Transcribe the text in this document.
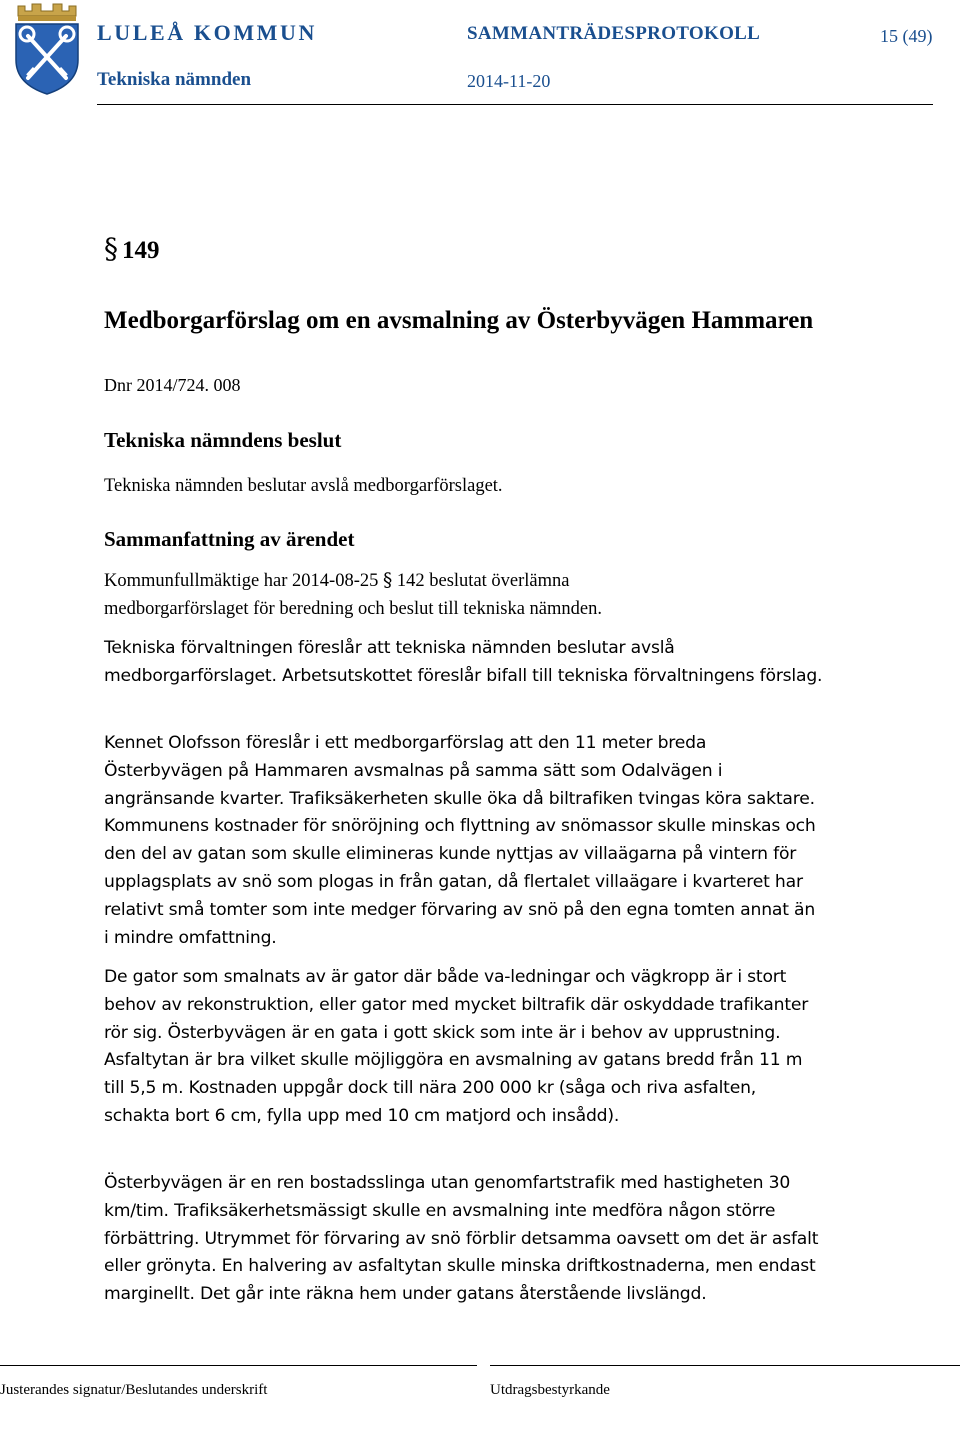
LULEÅ KOMMUN	SAMMANTRÄDESPROTOKOLL	15 (49)
Tekniska nämnden	2014-11-20
§ 149
Medborgarförslag om en avsmalning av Österbyvägen Hammaren
Dnr 2014/724. 008
Tekniska nämndens beslut
Tekniska nämnden beslutar avslå medborgarförslaget.
Sammanfattning av ärendet
Kommunfullmäktige har 2014-08-25 § 142 beslutat överlämna
medborgarförslaget för beredning och beslut till tekniska nämnden.

Tekniska förvaltningen föreslår att tekniska nämnden beslutar avslå medborgarförslaget. Arbetsutskottet föreslår bifall till tekniska förvaltningens förslag.

Kennet Olofsson föreslår i ett medborgarförslag att den 11 meter breda Österbyvägen på Hammaren avsmalnas på samma sätt som Odalvägen i angränsande kvarter. Trafiksäkerheten skulle öka då biltrafiken tvingas köra saktare. Kommunens kostnader för snöröjning och flyttning av snömassor skulle minskas och den del av gatan som skulle elimineras kunde nyttjas av villaägarna på vintern för upplagsplats av snö som plogas in från gatan, då flertalet villaägare i kvarteret har relativt små tomter som inte medger förvaring av snö på den egna tomten annat än i mindre omfattning.

De gator som smalnats av är gator där både va-ledningar och vägkropp är i stort behov av rekonstruktion, eller gator med mycket biltrafik där oskyddade trafikanter rör sig. Österbyvägen är en gata i gott skick som inte är i behov av upprustning. Asfaltytan är bra vilket skulle möjliggöra en avsmalning av gatans bredd från 11 m till 5,5 m. Kostnaden uppgår dock till nära 200 000 kr (såga och riva asfalten, schakta bort 6 cm, fylla upp med 10 cm matjord och insådd).

Österbyvägen är en ren bostadsslinga utan genomfartstrafik med hastigheten 30 km/tim. Trafiksäkerhetsmässigt skulle en avsmalning inte medföra någon större förbättring. Utrymmet för förvaring av snö förblir detsamma oavsett om det är asfalt eller grönyta. En halvering av asfaltytan skulle minska driftkostnaderna, men endast marginellt. Det går inte räkna hem under gatans återstående livslängd.

Justerandes signatur/Beslutandes underskrift	Utdragsbestyrkande
